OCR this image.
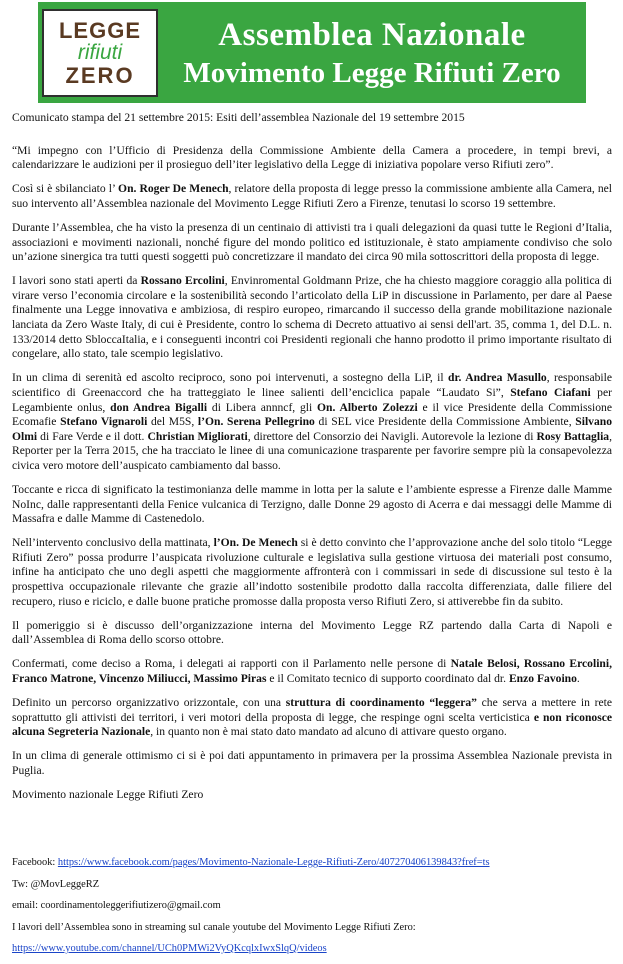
LEGGE
rifiuti
ZERO
Assemblea Nazionale
Movimento Legge Rifiuti Zero

Comunicato stampa del 21 settembre 2015: Esiti dell’assemblea Nazionale del 19 settembre 2015

“Mi impegno con l’Ufficio di Presidenza della Commissione Ambiente della Camera a procedere, in tempi brevi, a calendarizzare le audizioni per il prosieguo dell’iter legislativo della Legge di iniziativa popolare verso Rifiuti zero”.

Così si è sbilanciato l’ On. Roger De Menech, relatore della proposta di legge presso la commissione ambiente alla Camera, nel suo intervento all’Assemblea nazionale del Movimento Legge Rifiuti Zero a Firenze, tenutasi lo scorso 19 settembre.

Durante l’Assemblea, che ha visto la presenza di un centinaio di attivisti tra i quali delegazioni da quasi tutte le Regioni d’Italia, associazioni e movimenti nazionali, nonché figure del mondo politico ed istituzionale, è stato ampiamente condiviso che solo un’azione sinergica tra tutti questi soggetti può concretizzare il mandato dei circa 90 mila sottoscrittori della proposta di legge.

I lavori sono stati aperti da Rossano Ercolini, Envinromental Goldmann Prize, che ha chiesto maggiore coraggio alla politica di virare verso l’economia circolare e la sostenibilità secondo l’articolato della LiP in discussione in Parlamento, per dare al Paese finalmente una Legge innovativa e ambiziosa, di respiro europeo, rimarcando il successo della grande mobilitazione nazionale lanciata da Zero Waste Italy, di cui è Presidente, contro lo schema di Decreto attuativo ai sensi dell'art. 35, comma 1, del D.L. n. 133/2014 detto SbloccaItalia, e i conseguenti incontri coi Presidenti regionali che hanno prodotto il primo importante risultato di congelare, allo stato, tale scempio legislativo.

In un clima di serenità ed ascolto reciproco, sono poi intervenuti, a sostegno della LiP, il dr. Andrea Masullo, responsabile scientifico di Greenaccord che ha tratteggiato le linee salienti dell’enciclica papale “Laudato Si”, Stefano Ciafani per Legambiente onlus, don Andrea Bigalli di Libera annncf, gli On. Alberto Zolezzi e il vice Presidente della Commissione Ecomafie Stefano Vignaroli del M5S, l’On. Serena Pellegrino di SEL vice Presidente della Commissione Ambiente, Silvano Olmi di Fare Verde e il dott. Christian Migliorati, direttore del Consorzio dei Navigli. Autorevole la lezione di Rosy Battaglia, Reporter per la Terra 2015, che ha tracciato le linee di una comunicazione trasparente per favorire sempre più la consapevolezza civica vero motore dell’auspicato cambiamento dal basso.

Toccante e ricca di significato la testimonianza delle mamme in lotta per la salute e l’ambiente espresse a Firenze dalle Mamme NoInc, dalle rappresentanti della Fenice vulcanica di Terzigno, dalle Donne 29 agosto di Acerra e dai messaggi delle Mamme di Massafra e dalle Mamme di Castenedolo.

Nell’intervento conclusivo della mattinata, l’On. De Menech si è detto convinto che l’approvazione anche del solo titolo “Legge Rifiuti Zero” possa produrre l’auspicata rivoluzione culturale e legislativa sulla gestione virtuosa dei materiali post consumo, infine ha anticipato che uno degli aspetti che maggiormente affronterà con i commissari in sede di discussione sul testo è la prospettiva occupazionale rilevante che grazie all’indotto sostenibile prodotto dalla raccolta differenziata, dalle filiere del recupero, riuso e riciclo, e dalle buone pratiche promosse dalla proposta verso Rifiuti Zero, si attiverebbe fin da subito.

Il pomeriggio si è discusso dell’organizzazione interna del Movimento Legge RZ partendo dalla Carta di Napoli e dall’Assemblea di Roma dello scorso ottobre.

Confermati, come deciso a Roma, i delegati ai rapporti con il Parlamento nelle persone di Natale Belosi, Rossano Ercolini, Franco Matrone, Vincenzo Miliucci, Massimo Piras e il Comitato tecnico di supporto coordinato dal dr. Enzo Favoino.

Definito un percorso organizzativo orizzontale, con una struttura di coordinamento “leggera” che serva a mettere in rete soprattutto gli attivisti dei territori, i veri motori della proposta di legge, che respinge ogni scelta verticistica e non riconosce alcuna Segreteria Nazionale, in quanto non è mai stato dato mandato ad alcuno di attivare questo organo.

In un clima di generale ottimismo ci si è poi dati appuntamento in primavera per la prossima Assemblea Nazionale prevista in Puglia.

Movimento nazionale Legge Rifiuti Zero

Facebook: https://www.facebook.com/pages/Movimento-Nazionale-Legge-Rifiuti-Zero/407270406139843?fref=ts
Tw: @MovLeggeRZ
email: coordinamentoleggerifiutizero@gmail.com
I lavori dell’Assemblea sono in streaming sul canale youtube del Movimento Legge Rifiuti Zero:
https://www.youtube.com/channel/UCh0PMWi2VyQKcqlxIwxSlqQ/videos
